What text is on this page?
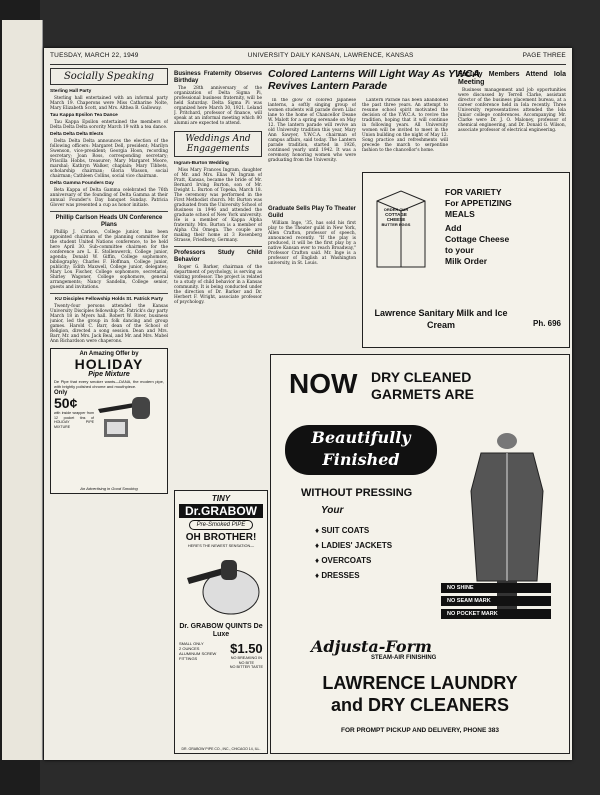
TUESDAY, MARCH 22, 1949	UNIVERSITY DAILY KANSAN, LAWRENCE, KANSAS	PAGE THREE
Socially Speaking
Sterling Hall Party

Sterling hall entertained with an informal party March 19. Chaperons were Miss Catharine Nolte, Mary Elizabeth Scott, and Mrs. Althea B. Galloway.

Tau Kappa Epsilon Tea Dance

Tau Kappa Epsilon entertained the members of Delta Delta Delta sorority March 19 with a tea dance.

Delta Delta Delta Elects

Delta Delta Delta announces the election of the following officers: Margaret Dell, president; Marilyn Swenson, vice-president; Georgia Hoon, recording secretary; Joan Ross, corresponding secretary; Priscilla Hobbs, treasurer; Mary Margaret Moore, marshal; Kathryn Walker, chaplain; Mary Tibbets, scholarship chairman; Gloria Wasson, social chairman; Cathleen Collins, social vice chairman.

Delta Gamma Founders Day

Beta Kappa of Delta Gamma celebrated the 76th anniversary of the founding of Delta Gamma at their annual Founder's Day banquet Sunday. Patricia Glover was presented a cup as honor initiate.

Phillip Carlson Heads UN Conference Plans

Phillip J. Carlson, College junior, has been appointed chairman of the planning committee for the student United Nations conference, to be held here April 30. Sub-committee chairmen for the conference are L. E. Stollenwerck, College junior, agenda; Donald W. Giffin, College sophomore, bibliography; Charles F. Hoffman, College junior, publicity; Edith Maxwell, College junior, delegates; Mary Lou Fischer, College sophomore, secretarial; Shirley Wagoner, College sophomore, general arrangements; Nancy Sandelin, College senior, guests and invitations.

KU Disciples Fellowship Holds St. Patrick Party

Twenty-four persons attended the Kansas University Disciples fellowship St. Patrick's day party March 18 in Myers hall. Robert W. River, business junior, led the group in folk dancing and group games. Harold C. Barr, dean of the School of Religion, directed a song session. Dean and Mrs. Barr, Mr. and Mrs. Jack Beal, and Mr. and Mrs. Mabel Ann Richardson were chaperons.

An Amazing Offer by
HOLIDAY
Pipe Mixture
De Pipe that every smoker wants—DANA, the modern pipe, with brightly polished chrome and mouthpiece.
Only
50¢
with inside wrapper from 12 pocket tins of HOLIDAY PIPE MIXTURE
An Advertising in Good Smoking
Business Fraternity Observes Birthday

The 28th anniversary of the organization of Delta Sigma Pi, professional business fraternity, will be held Saturday. Delta Sigma Pi was organized here March 30, 1921. Leland J. Pritchard, professor of finance, will speak at an informal meeting which 80 alumni are expected to attend.

Weddings And Engagements
Ingram-Burton Wedding

Miss Mary Frances Ingram, daughter of Mr. and Mrs. Elias W. Ingram of Pratt, Kansas, became the bride of Mr. Bernard Irving Burton, son of Mr. Dwight L. Burton of Topeka, March 18. The ceremony was performed in the First Methodist church. Mr. Burton was graduated from the University School of Business in 1946 and attended the graduate school of New York university. He is a member of Kappa Alpha fraternity. Mrs. Burton is a member of Alpha Chi Omega. The couple are making their home at 3 Rosenberg Strasse, Friedberg, Germany.

Professors Study Child Behavior

Roger G. Barker, chairman of the department of psychology, is serving as visiting professor. The project is related to a study of child behavior in a Kansas community. It is being conducted under the direction of Dr. Barker and Dr. Herbert F. Wright, associate professor of psychology.

TINY
Dr.GRABOW
Pre-Smoked PIPE
OH BROTHER!
HERE'S THE NEWEST SENSATION—
Dr. GRABOW QUINTS De Luxe
SMALL ONLY
2 OUNCES
ALUMINUM SCREW
FITTINGS
$1.50
NO BREAKING IN
NO BITE
NO BITTER TASTE
DR. GRABOW PIPE CO., INC., CHICAGO 14, ILL.
Colored Lanterns Will Light Way As YWCA Revives Lantern Parade

In the glow of colored Japanese lanterns, a softly singing group of women students will parade down Lilac lane to the home of Chancellor Deane W. Malott for a spring serenade on May 12. The lantern parade will revive an old University tradition this year, Mary Ann Sawyer, Y.W.C.A. chairman of campus affairs, said today. The Lantern parade tradition, started in 1926, continued yearly until 1942. It was a ceremony honoring women who were graduating from the University.

Lantern Parade has been abandoned the past three years. An attempt to resume school spirit motivated the decision of the Y.W.C.A. to revive the tradition, hoping that it will continue in following years. All University women will be invited to meet in the Union building on the night of May 12. Song practice and refreshments will precede the march to serpentine fashion to the chancellor's home.

Graduate Sells Play To Theater Guild

William Inge, '35, has sold his first play to the Theater guild in New York, Allen Crafton, professor of speech, announced recently. "If the play is produced, it will be the first play by a native Kansan ever to reach Broadway," Professor Crafton said. Mr. Inge is a professor of English at Washington university, in St. Louis.

Faculty Members Attend Iola Meeting

Business management and job opportunities were discussed by Terrell Clarke, assistant director of the business placement bureau, at a career conference held in Iola recently. Three University representatives attended the Iola Junior college conferences. Accompanying Mr. Clarke were Dr. J. O. Maloney, professor of chemical engineering, and Dr. Donald G. Wilson, associate professor of electrical engineering.

ORDER OUR
COTTAGE CHEESE
BUTTER EGGS
FOR VARIETY
For APPETIZING
MEALS
Add
Cottage Cheese
to your
Milk Order
Lawrence Sanitary Milk and Ice Cream	Ph. 696
NOW DRY CLEANED
GARMETS ARE
Beautifully Finished
WITHOUT PRESSING
Your
♦ SUIT COATS
♦ LADIES' JACKETS
♦ OVERCOATS
♦ DRESSES
NO SHINE
NO SEAM MARK
NO POCKET MARK
Adjusta-Form
STEAM-AIR FINISHING
LAWRENCE LAUNDRY
and DRY CLEANERS
FOR PROMPT PICKUP AND DELIVERY, PHONE 383
